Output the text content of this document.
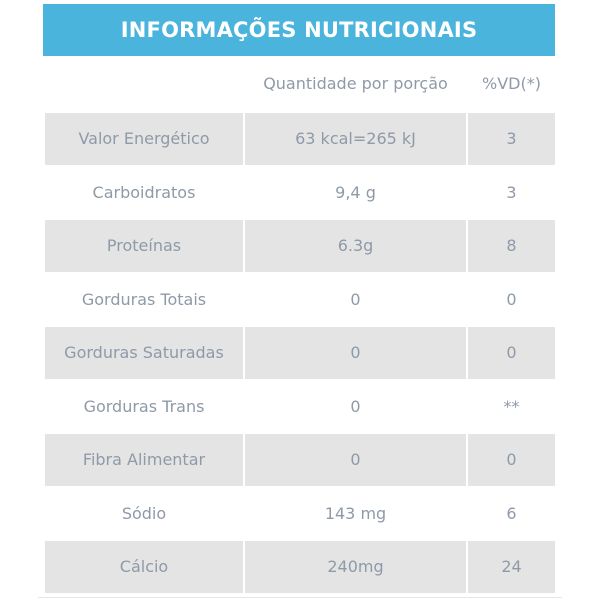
INFORMAÇÕES NUTRICIONAIS
	Quantidade por porção	%VD(*)
Valor Energético	63 kcal=265 kJ	3
Carboidratos	9,4 g	3
Proteínas	6.3g	8
Gorduras Totais	0	0
Gorduras Saturadas	0	0
Gorduras Trans	0	**
Fibra Alimentar	0	0
Sódio	143 mg	6
Cálcio	240mg	24
